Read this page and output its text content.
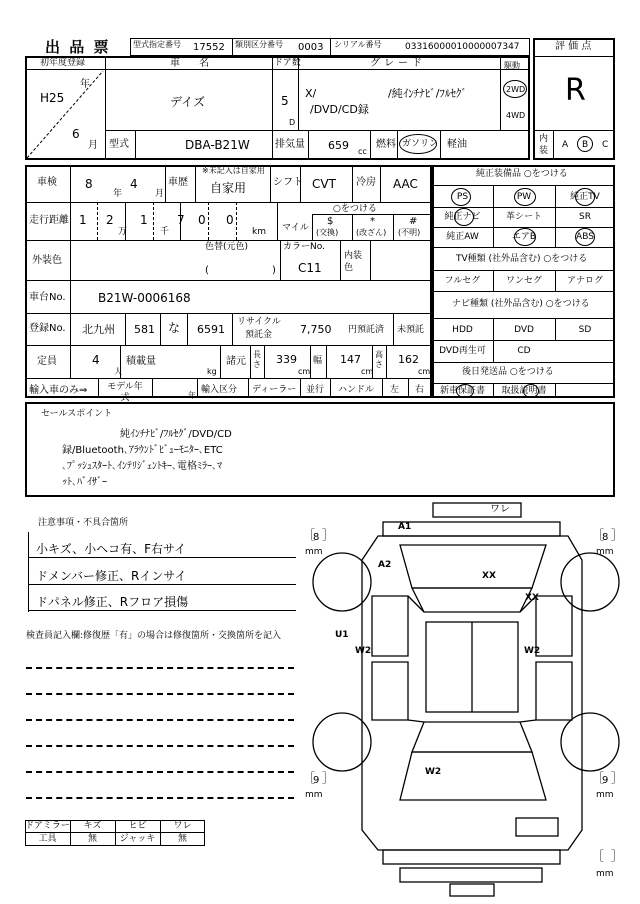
出 品 票	型式指定番号 17552 類別区分番号 0003 シリアル番号	03316000010000007347	評 価 点
R
内装
A B C
初年度登録
年
H25
6
月
車 名
デイズ
ドア数
5
D
グレード
X/	/純ｲﾝﾁﾅﾋﾞ/ﾌﾙｾｸﾞ
/DVD/CD録
駆動
2WD
4WD
型式	DBA-B21W	排気量 659 cc
燃料 ガソリン 軽油
車検 8
年
4
月
車歴
※未記入は自家用
自家用	シフト CVT 冷房 AAC
走行距離 1 2
万
1
千
7 0 0
km マイル
○をつける
$
(交換)
*
(改ざん)
#
(不明)
外装色
色替(元色)
(	)
カラーNo.
C11
内装色
車台No.	B21W-0006168
登録No. 北九州 581 な 6591
リサイクル
預託金	7,750 円預託済 未預託
定員	4
人
積載量
kg
諸元
長さ 339
cm
幅 147
cm
高さ 162
cm
輸入車のみ⇒ モデル年式	年
輸入区分 ディーラー 並行 ハンドル 左 右
純正装備品 ○をつける
PS	PW	純正TV
純正ナビ	革シート	SR
純正AW	エアB	ABS
TV種類 (社外品含む) ○をつける
フルセグ	ワンセグ	アナログ
ナビ種類 (社外品含む) ○をつける
HDD	DVD	SD
DVD再生可	CD
後日発送品 ○をつける
新車保証書	取扱説明書
セールスポイント
純ｲﾝﾁﾅﾋﾞ/ﾌﾙｾｸﾞ/DVD/CD
録/Bluetooth､ｱﾗｳﾝﾄﾞﾋﾞｭｰﾓﾆﾀｰ､ETC
､ﾌﾟｯｼｭｽﾀｰﾄ､ｲﾝﾃﾘｼﾞｪﾝﾄｷｰ､電格ﾐﾗｰ､ﾏ
ｯﾄ､ﾊﾞｲｻﾞｰ
注意事項・不具合箇所
小キズ、小ヘコ有、F右サイ
ドメンバー修正、Rインサイ
ドパネル修正、Rフロア損傷
検査員記入欄:修復歴「有」の場合は修復箇所・交換箇所を記入
ドアミラー	キズ	ヒビ	ワレ
工具	無	ジャッキ	無
ワレ
A1
A2
XX
XX
U1
W2	W2
W2
［
8 ］
mm
［
8 ］
mm
［
9 ］
mm
［
9 ］
mm
［ ］
mm
